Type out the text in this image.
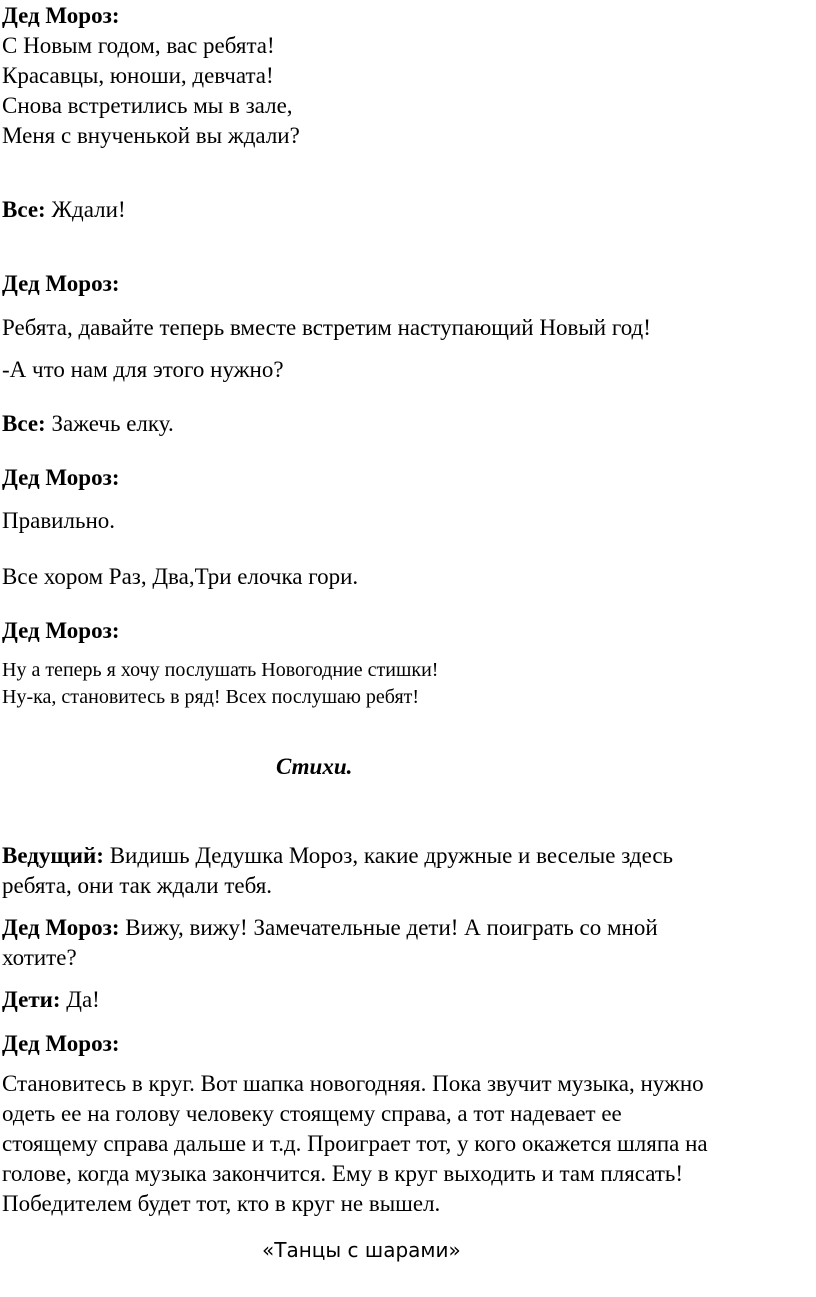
Дед Мороз:

С Новым годом, вас ребята!

Красавцы, юноши, девчата!

Снова встретились мы в зале,

Меня с внученькой вы ждали?

Все: Ждали!

Дед Мороз:

Ребята, давайте теперь вместе встретим наступающий Новый год!

-А что нам для этого нужно?

Все: Зажечь елку.

Дед Мороз:

Правильно.

Все хором Раз, Два,Три елочка гори.

Дед Мороз:

Ну а теперь я хочу послушать Новогодние стишки!

Ну-ка, становитесь в ряд! Всех послушаю ребят!

Стихи.

Ведущий: Видишь Дедушка Мороз, какие дружные и веселые здесь

ребята, они так ждали тебя.

Дед Мороз: Вижу, вижу! Замечательные дети! А поиграть со мной

хотите?

Дети: Да!

Дед Мороз:

Становитесь в круг. Вот шапка новогодняя. Пока звучит музыка, нужно

одеть ее на голову человеку стоящему справа, а тот надевает ее

стоящему справа дальше и т.д. Проиграет тот, у кого окажется шляпа на

голове, когда музыка закончится. Ему в круг выходить и там плясать!

Победителем будет тот, кто в круг не вышел.

«Танцы с шарами»
